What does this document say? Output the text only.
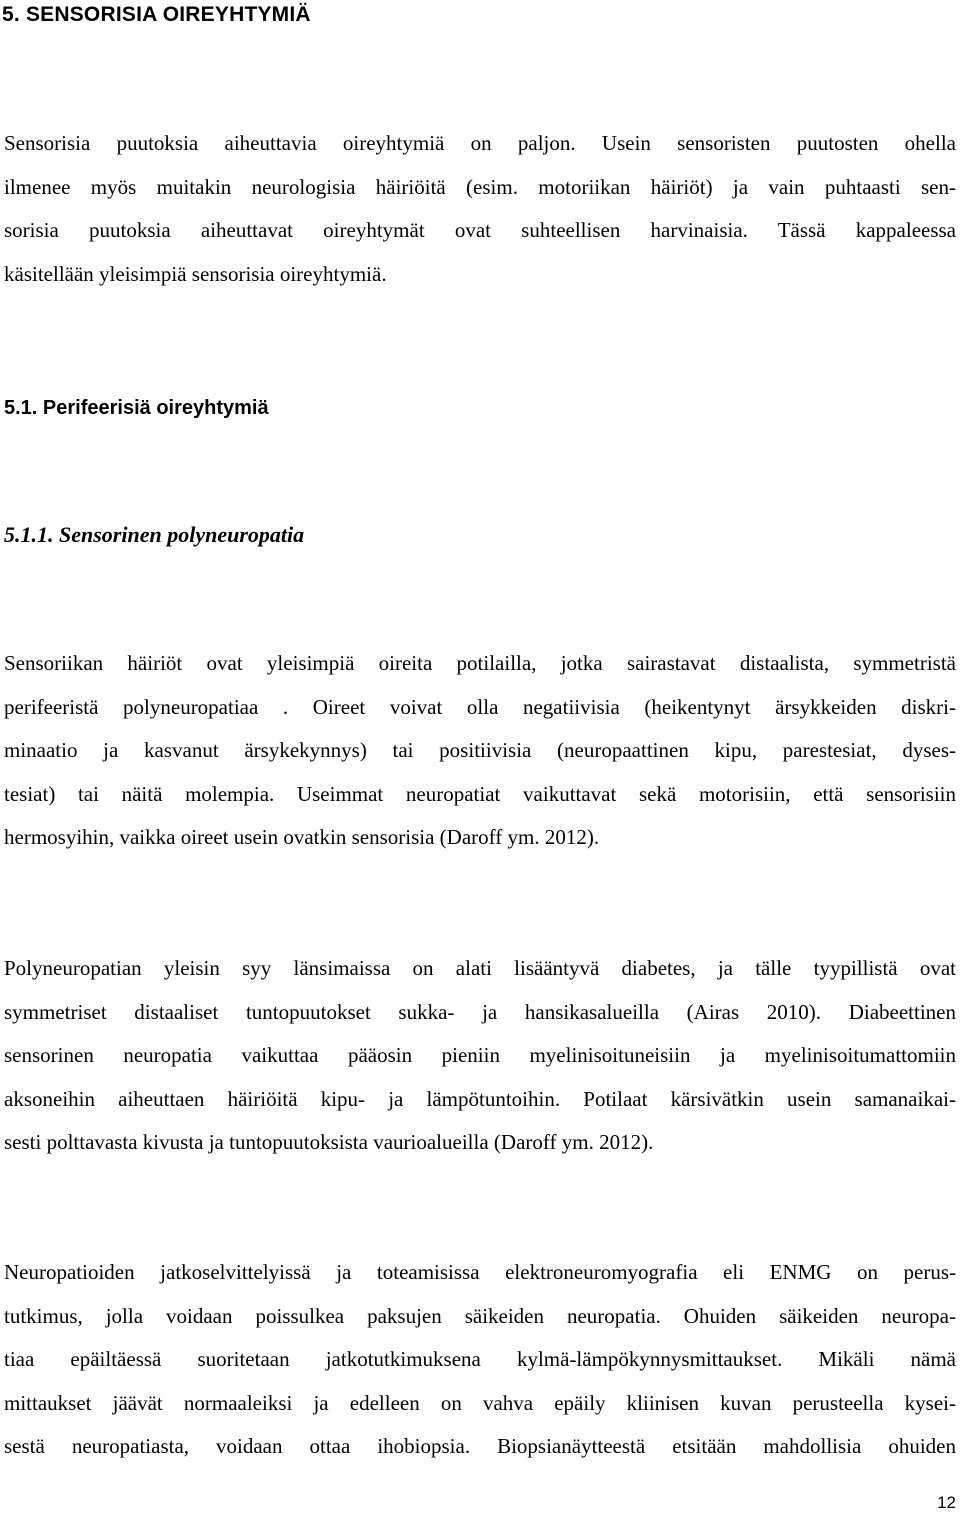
5. SENSORISIA OIREYHTYMIÄ
Sensorisia puutoksia aiheuttavia oireyhtymiä on paljon. Usein sensoristen puutosten ohella
ilmenee myös muitakin neurologisia häiriöitä (esim. motoriikan häiriöt) ja vain puhtaasti sen-
sorisia puutoksia aiheuttavat oireyhtymät ovat suhteellisen harvinaisia. Tässä kappaleessa
käsitellään yleisimpiä sensorisia oireyhtymiä.
5.1. Perifeerisiä oireyhtymiä
5.1.1. Sensorinen polyneuropatia
Sensoriikan häiriöt ovat yleisimpiä oireita potilailla, jotka sairastavat distaalista, symmetristä
perifeeristä polyneuropatiaa . Oireet voivat olla negatiivisia (heikentynyt ärsykkeiden diskri-
minaatio ja kasvanut ärsykekynnys) tai positiivisia (neuropaattinen kipu, parestesiat, dyses-
tesiat) tai näitä molempia. Useimmat neuropatiat vaikuttavat sekä motorisiin, että sensorisiin
hermosyihin, vaikka oireet usein ovatkin sensorisia (Daroff ym. 2012).
Polyneuropatian yleisin syy länsimaissa on alati lisääntyvä diabetes, ja tälle tyypillistä ovat
symmetriset distaaliset tuntopuutokset sukka- ja hansikasalueilla (Airas 2010). Diabeettinen
sensorinen neuropatia vaikuttaa pääosin pieniin myelinisoituneisiin ja myelinisoitumattomiin
aksoneihin aiheuttaen häiriöitä kipu- ja lämpötuntoihin. Potilaat kärsivätkin usein samanaikai-
sesti polttavasta kivusta ja tuntopuutoksista vaurioalueilla (Daroff ym. 2012).
Neuropatioiden jatkoselvittelyissä ja toteamisissa elektroneuromyografia eli ENMG on perus-
tutkimus, jolla voidaan poissulkea paksujen säikeiden neuropatia. Ohuiden säikeiden neuropa-
tiaa epäiltäessä suoritetaan jatkotutkimuksena kylmä-lämpökynnysmittaukset. Mikäli nämä
mittaukset jäävät normaaleiksi ja edelleen on vahva epäily kliinisen kuvan perusteella kysei-
sestä neuropatiasta, voidaan ottaa ihobiopsia. Biopsianäytteestä etsitään mahdollisia ohuiden
12
